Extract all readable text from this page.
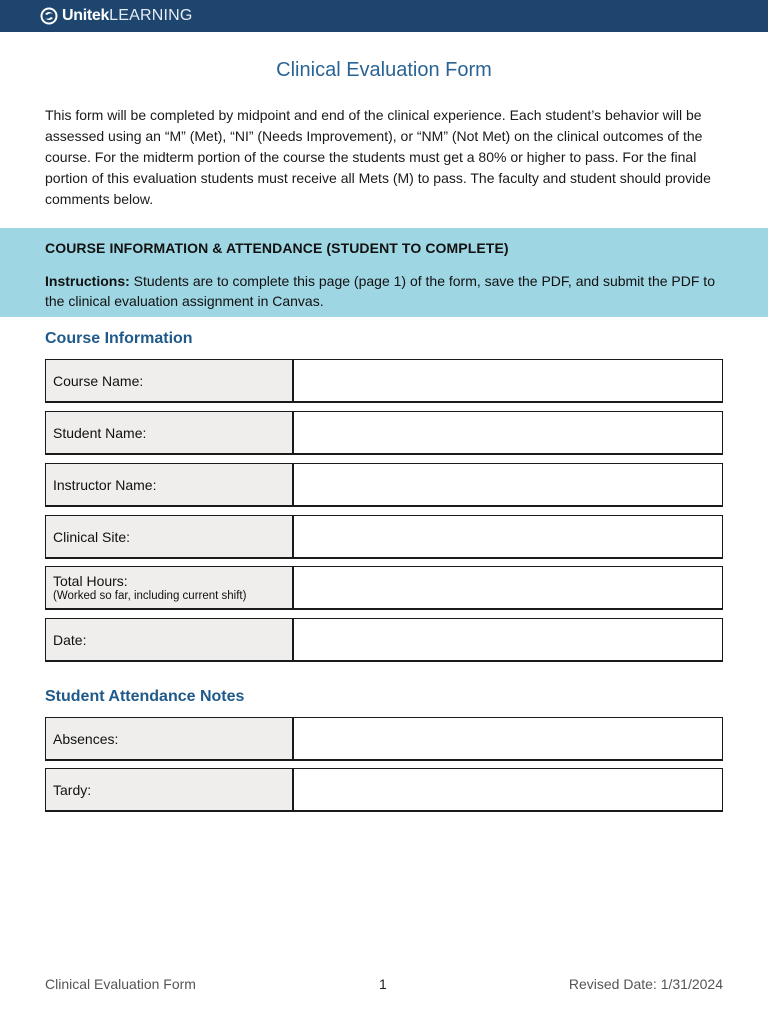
Unitek LEARNING
Clinical Evaluation Form
This form will be completed by midpoint and end of the clinical experience. Each student’s behavior will be assessed using an “M” (Met), “NI” (Needs Improvement), or “NM” (Not Met) on the clinical outcomes of the course. For the midterm portion of the course the students must get a 80% or higher to pass. For the final portion of this evaluation students must receive all Mets (M) to pass. The faculty and student should provide comments below.
COURSE INFORMATION & ATTENDANCE (STUDENT TO COMPLETE)
Instructions: Students are to complete this page (page 1) of the form, save the PDF, and submit the PDF to the clinical evaluation assignment in Canvas.
Course Information
Course Name:
Student Name:
Instructor Name:
Clinical Site:
Total Hours:
(Worked so far, including current shift)
Date:
Student Attendance Notes
Absences:
Tardy:
Clinical Evaluation Form	1	Revised Date: 1/31/2024
